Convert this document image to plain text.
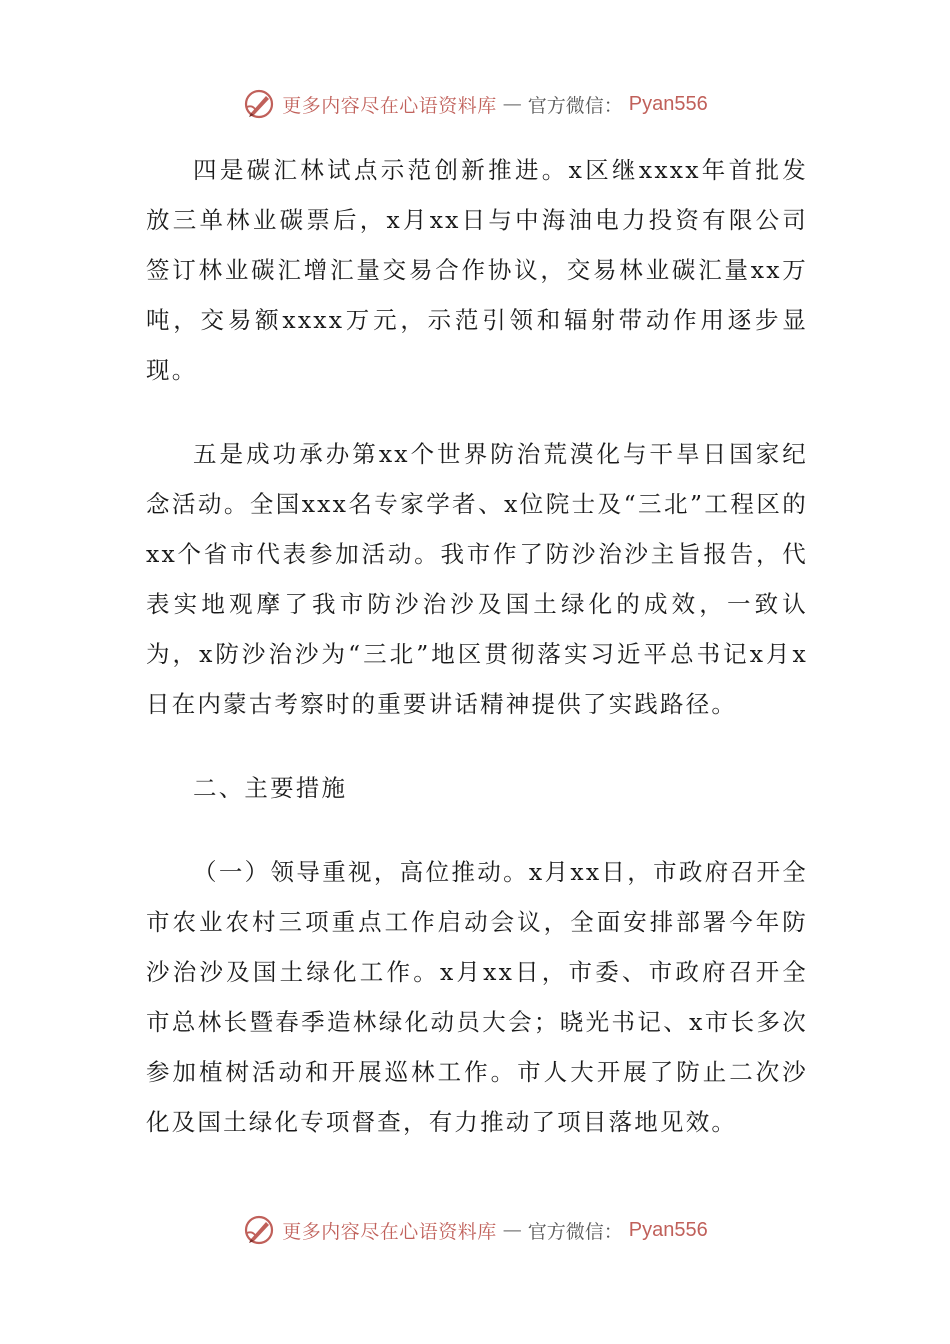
更多内容尽在心语资料库 — 官方微信： Pyan556

四是碳汇林试点示范创新推进。x区继xxxx年首批发放三单林业碳票后，x月xx日与中海油电力投资有限公司签订林业碳汇增汇量交易合作协议，交易林业碳汇量xx万吨，交易额xxxx万元，示范引领和辐射带动作用逐步显现。

五是成功承办第xx个世界防治荒漠化与干旱日国家纪念活动。全国xxx名专家学者、x位院士及“三北”工程区的xx个省市代表参加活动。我市作了防沙治沙主旨报告，代表实地观摩了我市防沙治沙及国土绿化的成效，一致认为，x防沙治沙为“三北”地区贯彻落实习近平总书记x月x日在内蒙古考察时的重要讲话精神提供了实践路径。

二、主要措施

（一）领导重视，高位推动。x月xx日，市政府召开全市农业农村三项重点工作启动会议，全面安排部署今年防沙治沙及国土绿化工作。x月xx日，市委、市政府召开全市总林长暨春季造林绿化动员大会；晓光书记、x市长多次参加植树活动和开展巡林工作。市人大开展了防止二次沙化及国土绿化专项督查，有力推动了项目落地见效。

更多内容尽在心语资料库 — 官方微信： Pyan556
